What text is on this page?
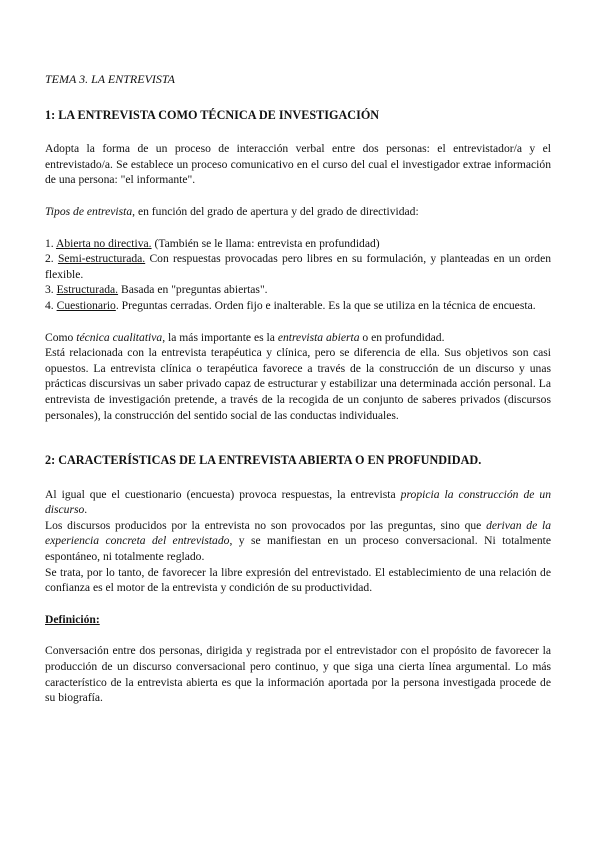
TEMA 3. LA ENTREVISTA

1: LA ENTREVISTA COMO TÉCNICA DE INVESTIGACIÓN

Adopta la forma de un proceso de interacción verbal entre dos personas: el entrevistador/a y el entrevistado/a. Se establece un proceso comunicativo en el curso del cual el investigador extrae información de una persona: "el informante".

Tipos de entrevista, en función del grado de apertura y del grado de directividad:

1. Abierta no directiva. (También se le llama: entrevista en profundidad)

2. Semi-estructurada. Con respuestas provocadas pero libres en su formulación, y planteadas en un orden flexible.

3. Estructurada. Basada en "preguntas abiertas".

4. Cuestionario. Preguntas cerradas. Orden fijo e inalterable. Es la que se utiliza en la técnica de encuesta.

Como técnica cualitativa, la más importante es la entrevista abierta o en profundidad.

Está relacionada con la entrevista terapéutica y clínica, pero se diferencia de ella. Sus objetivos son casi opuestos. La entrevista clínica o terapéutica favorece a través de la construcción de un discurso y unas prácticas discursivas un saber privado capaz de estructurar y estabilizar una determinada acción personal. La entrevista de investigación pretende, a través de la recogida de un conjunto de saberes privados (discursos personales), la construcción del sentido social de las conductas individuales.

2: CARACTERÍSTICAS DE LA ENTREVISTA ABIERTA O EN PROFUNDIDAD.

Al igual que el cuestionario (encuesta) provoca respuestas, la entrevista propicia la construcción de un discurso.

Los discursos producidos por la entrevista no son provocados por las preguntas, sino que derivan de la experiencia concreta del entrevistado, y se manifiestan en un proceso conversacional. Ni totalmente espontáneo, ni totalmente reglado.

Se trata, por lo tanto, de favorecer la libre expresión del entrevistado. El establecimiento de una relación de confianza es el motor de la entrevista y condición de su productividad.

Definición:

Conversación entre dos personas, dirigida y registrada por el entrevistador con el propósito de favorecer la producción de un discurso conversacional pero continuo, y que siga una cierta línea argumental. Lo más característico de la entrevista abierta es que la información aportada por la persona investigada procede de su biografía.
